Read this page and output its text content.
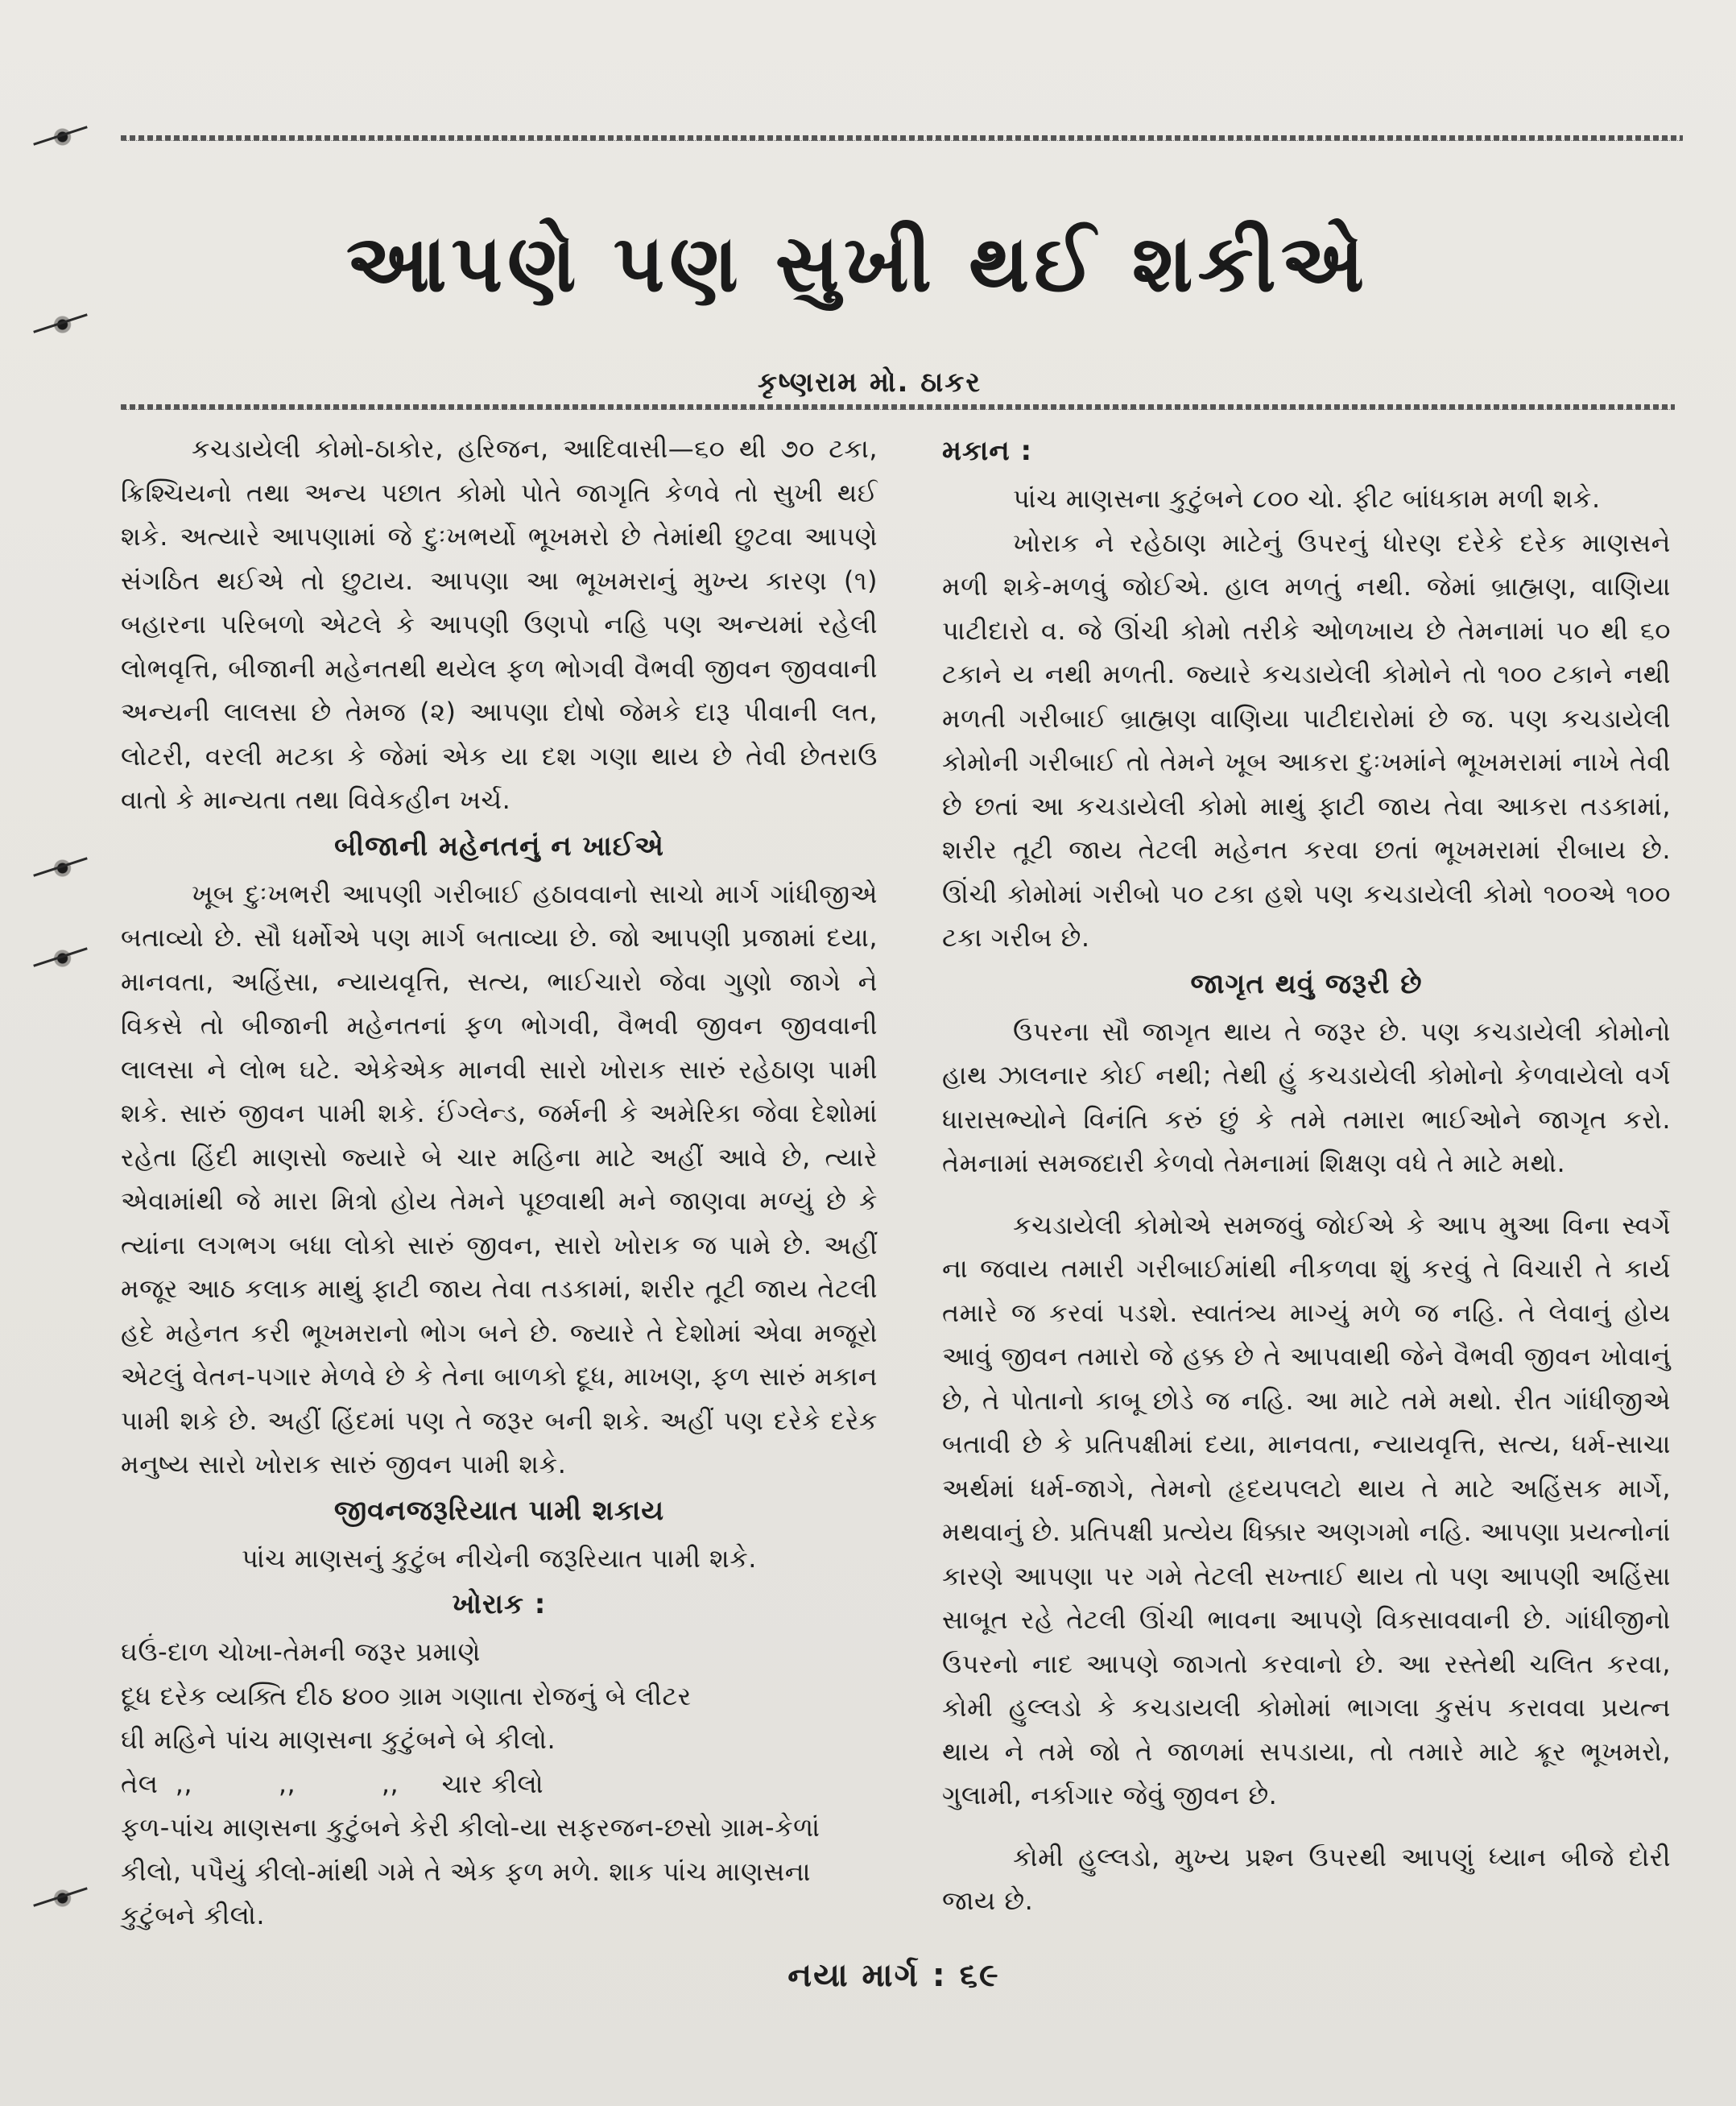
આપણે પણ સુખી થઈ શકીએ

કૃષ્ણરામ મો. ઠાકર

કચડાયેલી કોમો-ઠાકોર, હરિજન, આદિવાસી—૬૦ થી ૭૦ ટકા, ક્રિશ્ચિયનો તથા અન્ય પછાત કોમો પોતે જાગૃતિ કેળવે તો સુખી થઈ શકે. અત્યારે આપણામાં જે દુઃખભર્યો ભૂખમરો છે તેમાંથી છુટવા આપણે સંગઠિત થઈએ તો છુટાય. આપણા આ ભૂખમરાનું મુખ્ય કારણ (૧) બહારના પરિબળો એટલે કે આપણી ઉણપો નહિ પણ અન્યમાં રહેલી લોભવૃત્તિ, બીજાની મહેનતથી થયેલ ફળ ભોગવી વૈભવી જીવન જીવવાની અન્યની લાલસા છે તેમજ (૨) આપણા દોષો જેમકે દારૂ પીવાની લત, લોટરી, વરલી મટકા કે જેમાં એક યા દશ ગણા થાય છે તેવી છેતરાઉ વાતો કે માન્યતા તથા વિવેકહીન ખર્ચ.

બીજાની મહેનતનું ન ખાઈએ

ખૂબ દુઃખભરી આપણી ગરીબાઈ હઠાવવાનો સાચો માર્ગ ગાંધીજીએ બતાવ્યો છે. સૌ ધર્મોએ પણ માર્ગ બતાવ્યા છે. જો આપણી પ્રજામાં દયા, માનવતા, અહિંસા, ન્યાયવૃત્તિ, સત્ય, ભાઈચારો જેવા ગુણો જાગે ને વિકસે તો બીજાની મહેનતનાં ફળ ભોગવી, વૈભવી જીવન જીવવાની લાલસા ને લોભ ઘટે. એકેએક માનવી સારો ખોરાક સારું રહેઠાણ પામી શકે. સારું જીવન પામી શકે. ઈંગ્લેન્ડ, જર્મની કે અમેરિકા જેવા દેશોમાં રહેતા હિંદી માણસો જ્યારે બે ચાર મહિના માટે અહીં આવે છે, ત્યારે એવામાંથી જે મારા મિત્રો હોય તેમને પૂછવાથી મને જાણવા મળ્યું છે કે ત્યાંના લગભગ બધા લોકો સારું જીવન, સારો ખોરાક જ પામે છે. અહીં મજૂર આઠ કલાક માથું ફાટી જાય તેવા તડકામાં, શરીર તૂટી જાય તેટલી હદે મહેનત કરી ભૂખમરાનો ભોગ બને છે. જ્યારે તે દેશોમાં એવા મજૂરો એટલું વેતન-પગાર મેળવે છે કે તેના બાળકો દૂધ, માખણ, ફળ સારું મકાન પામી શકે છે. અહીં હિંદમાં પણ તે જરૂર બની શકે. અહીં પણ દરેકે દરેક મનુષ્ય સારો ખોરાક સારું જીવન પામી શકે.

જીવનજરૂરિયાત પામી શકાય

પાંચ માણસનું કુટુંબ નીચેની જરૂરિયાત પામી શકે.

ખોરાક :
ઘઉં-દાળ ચોખા-તેમની જરૂર પ્રમાણે
દૂધ દરેક વ્યક્તિ દીઠ ૪૦૦ ગ્રામ ગણાતા રોજનું બે લીટર
ઘી મહિને પાંચ માણસના કુટુંબને બે કીલો.
તેલ  ,,          ,,          ,,     ચાર કીલો
ફળ-પાંચ માણસના કુટુંબને કેરી કીલો-યા સફરજન-છસો ગ્રામ-કેળાં કીલો, પપૈયું કીલો-માંથી ગમે તે એક ફળ મળે. શાક પાંચ માણસના કુટુંબને કીલો.
મકાન :

પાંચ માણસના કુટુંબને ૮૦૦ ચો. ફીટ બાંધકામ મળી શકે.

ખોરાક ને રહેઠાણ માટેનું ઉપરનું ધોરણ દરેકે દરેક માણસને મળી શકે-મળવું જોઈએ. હાલ મળતું નથી. જેમાં બ્રાહ્મણ, વાણિયા પાટીદારો વ. જે ઊંચી કોમો તરીકે ઓળખાય છે તેમનામાં ૫૦ થી ૬૦ ટકાને ય નથી મળતી. જ્યારે કચડાયેલી કોમોને તો ૧૦૦ ટકાને નથી મળતી ગરીબાઈ બ્રાહ્મણ વાણિયા પાટીદારોમાં છે જ. પણ કચડાયેલી કોમોની ગરીબાઈ તો તેમને ખૂબ આકરા દુઃખમાંને ભૂખમરામાં નાખે તેવી છે છતાં આ કચડાયેલી કોમો માથું ફાટી જાય તેવા આકરા તડકામાં, શરીર તૂટી જાય તેટલી મહેનત કરવા છતાં ભૂખમરામાં રીબાય છે. ઊંચી કોમોમાં ગરીબો ૫૦ ટકા હશે પણ કચડાયેલી કોમો ૧૦૦એ ૧૦૦ ટકા ગરીબ છે.

જાગૃત થવું જરૂરી છે

ઉપરના સૌ જાગૃત થાય તે જરૂર છે. પણ કચડાયેલી કોમોનો હાથ ઝાલનાર કોઈ નથી; તેથી હું કચડાયેલી કોમોનો કેળવાયેલો વર્ગ ધારાસભ્યોને વિનંતિ કરું છું કે તમે તમારા ભાઈઓને જાગૃત કરો. તેમનામાં સમજદારી કેળવો તેમનામાં શિક્ષણ વધે તે માટે મથો.

કચડાયેલી કોમોએ સમજવું જોઈએ કે આપ મુઆ વિના સ્વર્ગે ના જવાય તમારી ગરીબાઈમાંથી નીકળવા શું કરવું તે વિચારી તે કાર્ય તમારે જ કરવાં પડશે. સ્વાતંત્ર્ય માગ્યું મળે જ નહિ. તે લેવાનું હોય આવું જીવન તમારો જે હક્ક છે તે આપવાથી જેને વૈભવી જીવન ખોવાનું છે, તે પોતાનો કાબૂ છોડે જ નહિ. આ માટે તમે મથો. રીત ગાંધીજીએ બતાવી છે કે પ્રતિપક્ષીમાં દયા, માનવતા, ન્યાયવૃત્તિ, સત્ય, ધર્મ-સાચા અર્થમાં ધર્મ-જાગે, તેમનો હૃદયપલટો થાય તે માટે અહિંસક માર્ગે, મથવાનું છે. પ્રતિપક્ષી પ્રત્યેય ધિક્કાર અણગમો નહિ. આપણા પ્રયત્નોનાં કારણે આપણા પર ગમે તેટલી સખ્તાઈ થાય તો પણ આપણી અહિંસા સાબૂત રહે તેટલી ઊંચી ભાવના આપણે વિકસાવવાની છે. ગાંધીજીનો ઉપરનો નાદ આપણે જાગતો કરવાનો છે. આ રસ્તેથી ચલિત કરવા, કોમી હુલ્લડો કે કચડાયલી કોમોમાં ભાગલા કુસંપ કરાવવા પ્રયત્ન થાય ને તમે જો તે જાળમાં સપડાયા, તો તમારે માટે ક્રૂર ભૂખમરો, ગુલામી, નર્કાગાર જેવું જીવન છે.

કોમી હુલ્લડો, મુખ્ય પ્રશ્ન ઉપરથી આપણું ધ્યાન બીજે દોરી જાય છે.

નયા માર્ગ : ૬૯
